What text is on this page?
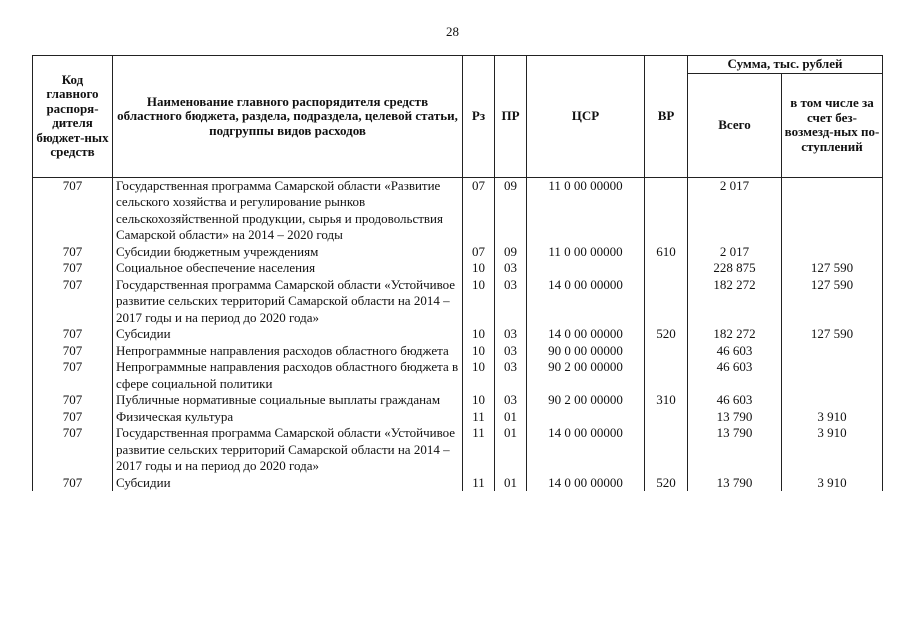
28
Код главного распоря-дителя бюджет-ных средств	Наименование главного распорядителя средств областного бюджета, раздела, подраздела, целевой статьи, подгруппы видов расходов	Рз	ПР	ЦСР	ВР	Сумма, тыс. рублей	
						Всего	в том числе за счет без-возмезд-ных по-ступлений
707	Государственная программа Самарской области «Развитие сельского хозяйства и регулирование рынков сельскохозяйственной продукции, сырья и продовольствия Самарской области» на 2014 – 2020 годы	07	09	11 0 00 00000		2 017	
707	Субсидии бюджетным учреждениям	07	09	11 0 00 00000	610	2 017	
707	Социальное обеспечение населения	10	03			228 875	127 590
707	Государственная программа Самарской области «Устойчивое развитие сельских территорий Самарской области на 2014 – 2017 годы и на период до 2020 года»	10	03	14 0 00 00000		182 272	127 590
707	Субсидии	10	03	14 0 00 00000	520	182 272	127 590
707	Непрограммные направления расходов областного бюджета	10	03	90 0 00 00000		46 603	
707	Непрограммные направления расходов областного бюджета в сфере социальной политики	10	03	90 2 00 00000		46 603	
707	Публичные нормативные социальные выплаты гражданам	10	03	90 2 00 00000	310	46 603	
707	Физическая культура	11	01			13 790	3 910
707	Государственная программа Самарской области «Устойчивое развитие сельских территорий Самарской области на 2014 – 2017 годы и на период до 2020 года»	11	01	14 0 00 00000		13 790	3 910
707	Субсидии	11	01	14 0 00 00000	520	13 790	3 910
